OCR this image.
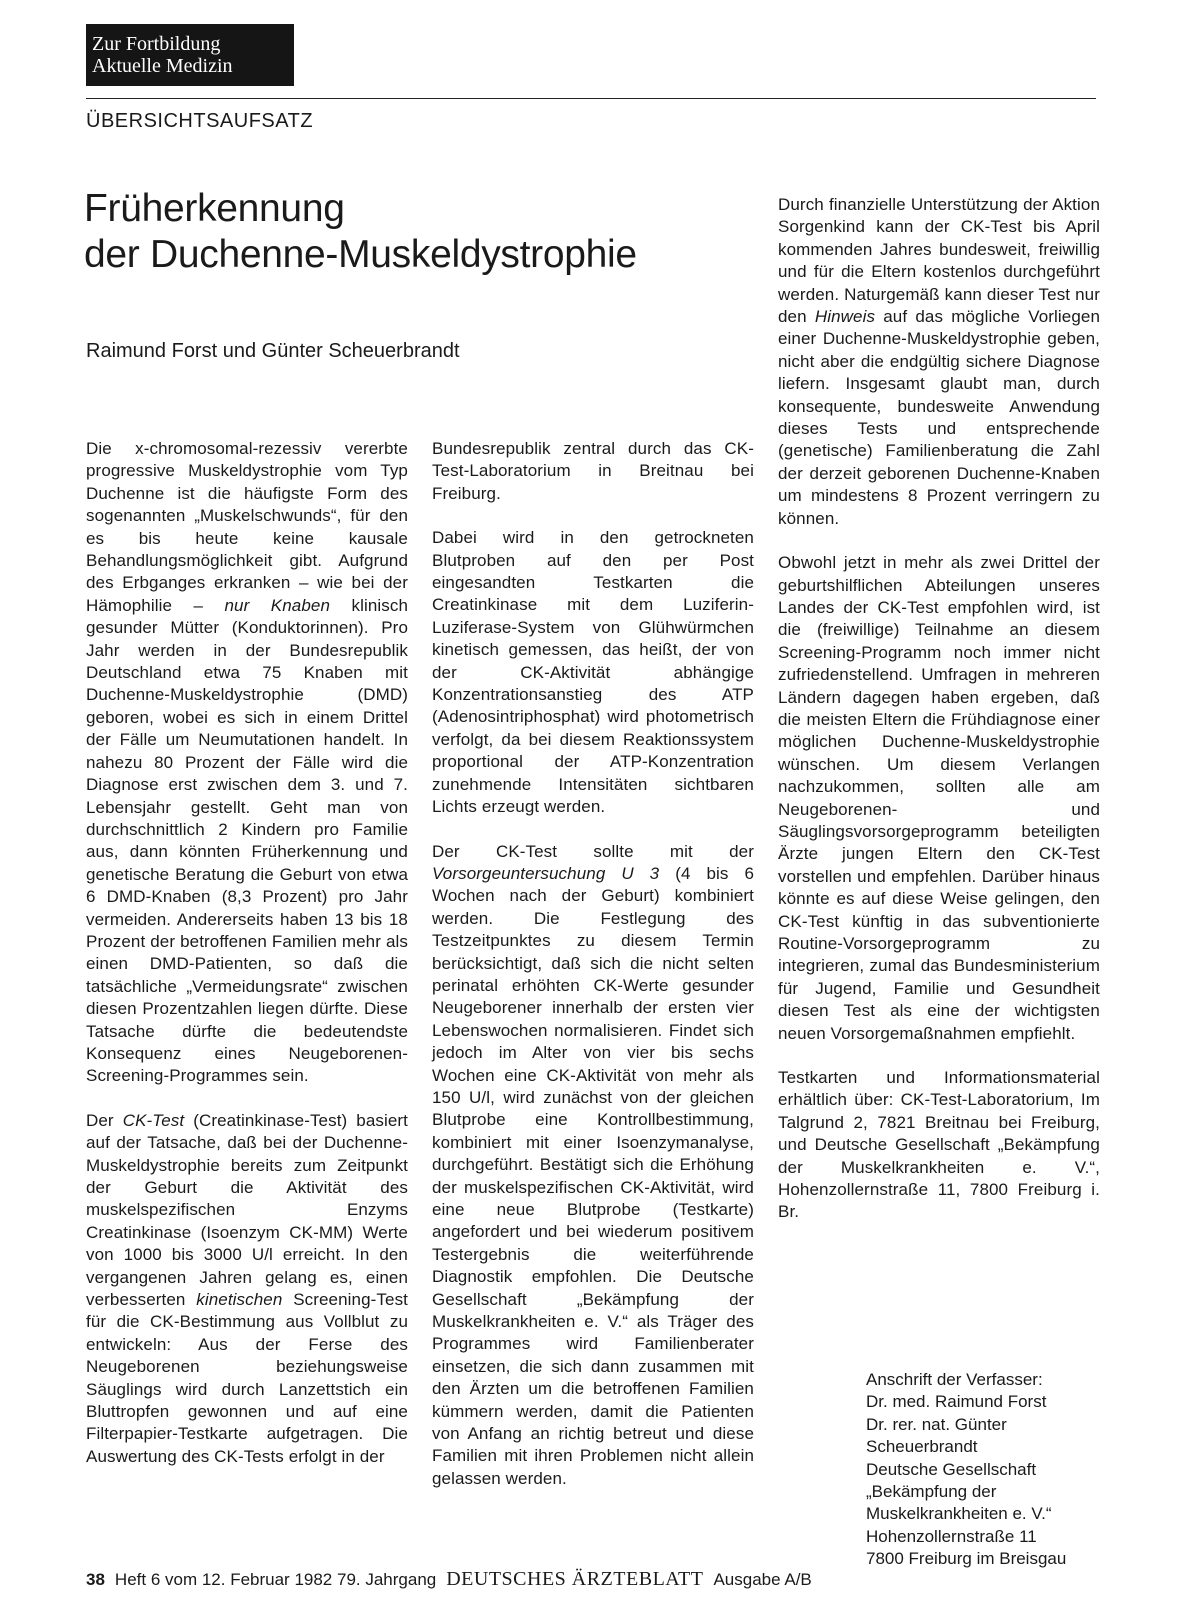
Zur Fortbildung
Aktuelle Medizin
ÜBERSICHTSAUFSATZ
Früherkennung
der Duchenne-Muskeldystrophie
Raimund Forst und Günter Scheuerbrandt

Die x-chromosomal-rezessiv vererbte progressive Muskeldystrophie vom Typ Duchenne ist die häufigste Form des sogenannten „Muskelschwunds“, für den es bis heute keine kausale Behandlungsmöglichkeit gibt. Aufgrund des Erbganges erkranken – wie bei der Hämophilie – nur Knaben klinisch gesunder Mütter (Konduktorinnen). Pro Jahr werden in der Bundesrepublik Deutschland etwa 75 Knaben mit Duchenne-Muskeldystrophie (DMD) geboren, wobei es sich in einem Drittel der Fälle um Neumutationen handelt. In nahezu 80 Prozent der Fälle wird die Diagnose erst zwischen dem 3. und 7. Lebensjahr gestellt. Geht man von durchschnittlich 2 Kindern pro Familie aus, dann könnten Früherkennung und genetische Beratung die Geburt von etwa 6 DMD-Knaben (8,3 Prozent) pro Jahr vermeiden. Andererseits haben 13 bis 18 Prozent der betroffenen Familien mehr als einen DMD-Patienten, so daß die tatsächliche „Vermeidungsrate“ zwischen diesen Prozentzahlen liegen dürfte. Diese Tatsache dürfte die bedeutendste Konsequenz eines Neugeborenen-Screening-Programmes sein.

Der CK-Test (Creatinkinase-Test) basiert auf der Tatsache, daß bei der Duchenne-Muskeldystrophie bereits zum Zeitpunkt der Geburt die Aktivität des muskelspezifischen Enzyms Creatinkinase (Isoenzym CK-MM) Werte von 1000 bis 3000 U/l erreicht. In den vergangenen Jahren gelang es, einen verbesserten kinetischen Screening-Test für die CK-Bestimmung aus Vollblut zu entwickeln: Aus der Ferse des Neugeborenen beziehungsweise Säuglings wird durch Lanzettstich ein Bluttropfen gewonnen und auf eine Filterpapier-Testkarte aufgetragen. Die Auswertung des CK-Tests erfolgt in der

Bundesrepublik zentral durch das CK-Test-Laboratorium in Breitnau bei Freiburg.

Dabei wird in den getrockneten Blutproben auf den per Post eingesandten Testkarten die Creatinkinase mit dem Luziferin-Luziferase-System von Glühwürmchen kinetisch gemessen, das heißt, der von der CK-Aktivität abhängige Konzentrationsanstieg des ATP (Adenosintriphosphat) wird photometrisch verfolgt, da bei diesem Reaktionssystem proportional der ATP-Konzentration zunehmende Intensitäten sichtbaren Lichts erzeugt werden.

Der CK-Test sollte mit der Vorsorgeuntersuchung U 3 (4 bis 6 Wochen nach der Geburt) kombiniert werden. Die Festlegung des Testzeitpunktes zu diesem Termin berücksichtigt, daß sich die nicht selten perinatal erhöhten CK-Werte gesunder Neugeborener innerhalb der ersten vier Lebenswochen normalisieren. Findet sich jedoch im Alter von vier bis sechs Wochen eine CK-Aktivität von mehr als 150 U/l, wird zunächst von der gleichen Blutprobe eine Kontrollbestimmung, kombiniert mit einer Isoenzymanalyse, durchgeführt. Bestätigt sich die Erhöhung der muskelspezifischen CK-Aktivität, wird eine neue Blutprobe (Testkarte) angefordert und bei wiederum positivem Testergebnis die weiterführende Diagnostik empfohlen. Die Deutsche Gesellschaft „Bekämpfung der Muskelkrankheiten e. V.“ als Träger des Programmes wird Familienberater einsetzen, die sich dann zusammen mit den Ärzten um die betroffenen Familien kümmern werden, damit die Patienten von Anfang an richtig betreut und diese Familien mit ihren Problemen nicht allein gelassen werden.

Durch finanzielle Unterstützung der Aktion Sorgenkind kann der CK-Test bis April kommenden Jahres bundesweit, freiwillig und für die Eltern kostenlos durchgeführt werden. Naturgemäß kann dieser Test nur den Hinweis auf das mögliche Vorliegen einer Duchenne-Muskeldystrophie geben, nicht aber die endgültig sichere Diagnose liefern. Insgesamt glaubt man, durch konsequente, bundesweite Anwendung dieses Tests und entsprechende (genetische) Familienberatung die Zahl der derzeit geborenen Duchenne-Knaben um mindestens 8 Prozent verringern zu können.

Obwohl jetzt in mehr als zwei Drittel der geburtshilflichen Abteilungen unseres Landes der CK-Test empfohlen wird, ist die (freiwillige) Teilnahme an diesem Screening-Programm noch immer nicht zufriedenstellend. Umfragen in mehreren Ländern dagegen haben ergeben, daß die meisten Eltern die Frühdiagnose einer möglichen Duchenne-Muskeldystrophie wünschen. Um diesem Verlangen nachzukommen, sollten alle am Neugeborenen- und Säuglingsvorsorgeprogramm beteiligten Ärzte jungen Eltern den CK-Test vorstellen und empfehlen. Darüber hinaus könnte es auf diese Weise gelingen, den CK-Test künftig in das subventionierte Routine-Vorsorgeprogramm zu integrieren, zumal das Bundesministerium für Jugend, Familie und Gesundheit diesen Test als eine der wichtigsten neuen Vorsorgemaßnahmen empfiehlt.

Testkarten und Informationsmaterial erhältlich über: CK-Test-Laboratorium, Im Talgrund 2, 7821 Breitnau bei Freiburg, und Deutsche Gesellschaft „Bekämpfung der Muskelkrankheiten e. V.“, Hohenzollernstraße 11, 7800 Freiburg i. Br.

Anschrift der Verfasser:
Dr. med. Raimund Forst
Dr. rer. nat. Günter
Scheuerbrandt
Deutsche Gesellschaft
„Bekämpfung der
Muskelkrankheiten e. V.“
Hohenzollernstraße 11
7800 Freiburg im Breisgau
38 Heft 6 vom 12. Februar 1982 79. Jahrgang DEUTSCHES ÄRZTEBLATT Ausgabe A/B
